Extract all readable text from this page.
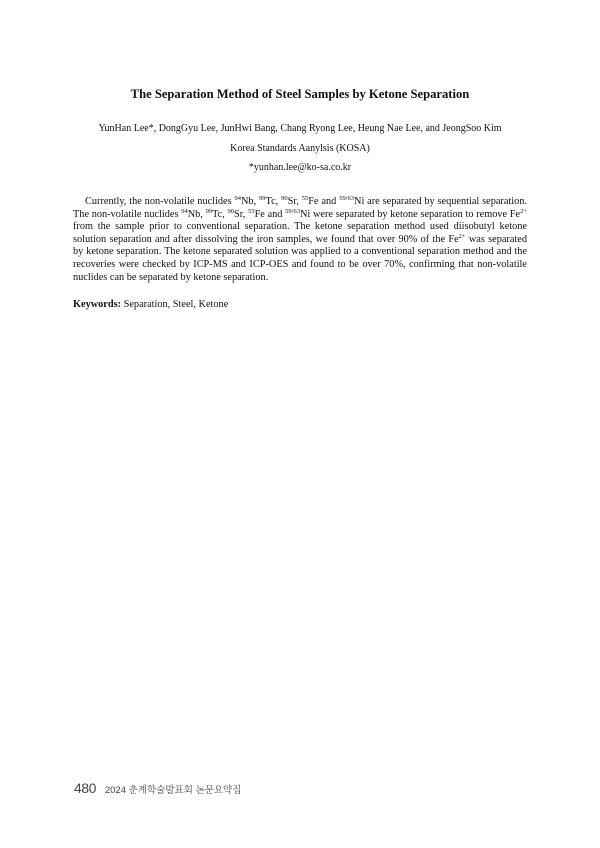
The Separation Method of Steel Samples by Ketone Separation
YunHan Lee*, DongGyu Lee, JunHwi Bang, Chang Ryong Lee, Heung Nae Lee, and JeongSoo Kim
Korea Standards Aanylsis (KOSA)
*yunhan.lee@ko-sa.co.kr

Currently, the non-volatile nuclides $^{94}$Nb, $^{99}$Tc, $^{90}$Sr, $^{55}$Fe and $^{59/63}$Ni are separated by sequential separation. The non-volatile nuclides $^{94}$Nb, $^{99}$Tc, $^{90}$Sr, $^{55}$Fe and $^{59/63}$Ni were separated by ketone separation to remove $Fe^{2+}$ from the sample prior to conventional separation. The ketone separation method used diisobutyl ketone solution separation and after dissolving the iron samples, we found that over 90% of the $Fe^{2+}$ was separated by ketone separation. The ketone separated solution was applied to a conventional separation method and the recoveries were checked by ICP-MS and ICP-OES and found to be over 70%, confirming that non-volatile nuclides can be separated by ketone separation.

Keywords: Separation, Steel, Ketone
480 2024 춘계학술발표회 논문요약집
